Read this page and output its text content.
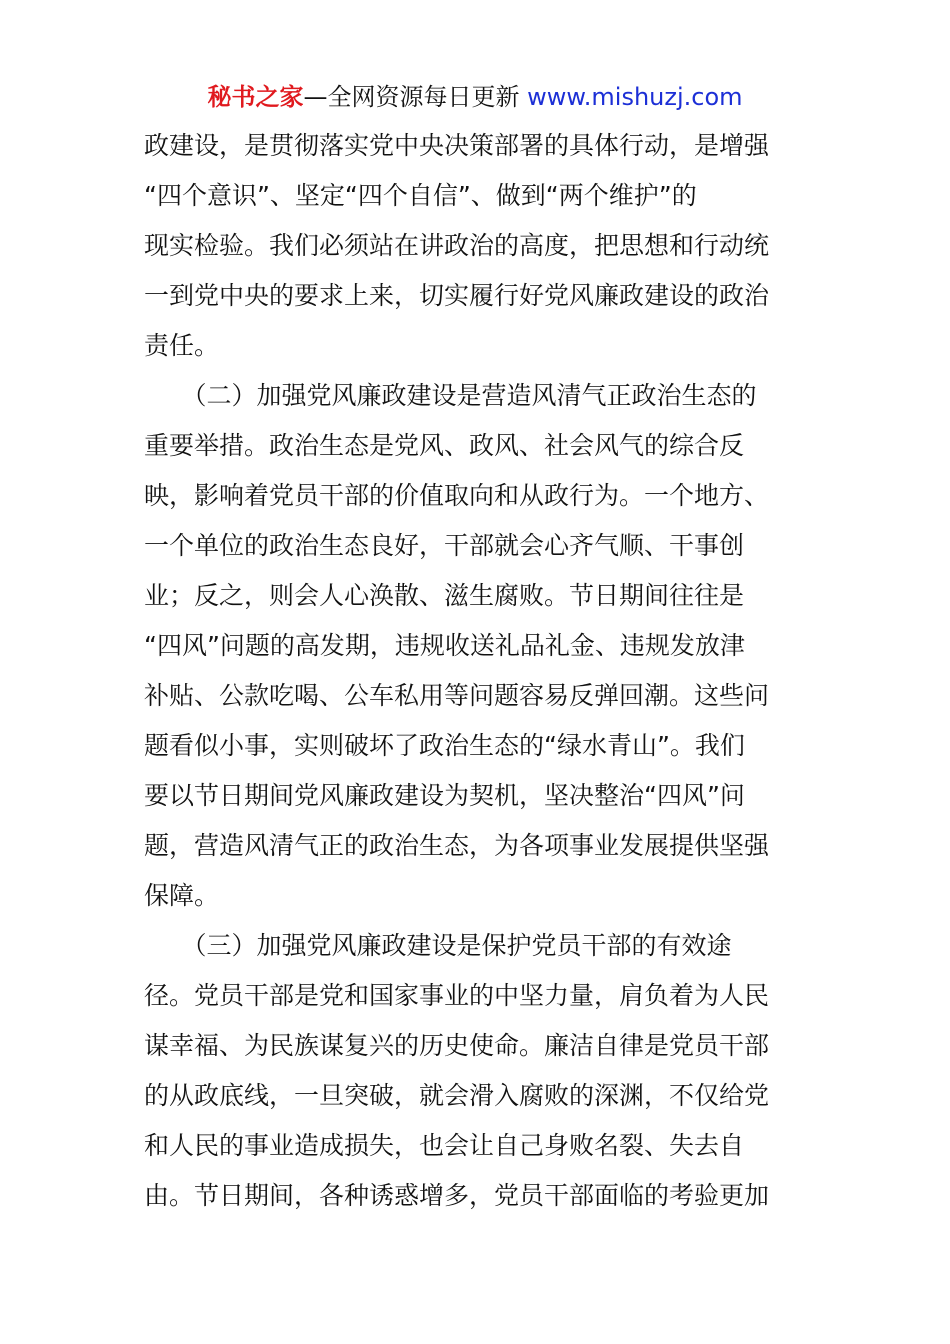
秘书之家—全网资源每日更新 www.mishuzj.com
政建设，是贯彻落实党中央决策部署的具体行动，是增强
“四个意识”、坚定“四个自信”、做到“两个维护”的
现实检验。我们必须站在讲政治的高度，把思想和行动统
一到党中央的要求上来，切实履行好党风廉政建设的政治
责任。
　　（二）加强党风廉政建设是营造风清气正政治生态的
重要举措。政治生态是党风、政风、社会风气的综合反
映，影响着党员干部的价值取向和从政行为。一个地方、
一个单位的政治生态良好，干部就会心齐气顺、干事创
业；反之，则会人心涣散、滋生腐败。节日期间往往是
“四风”问题的高发期，违规收送礼品礼金、违规发放津
补贴、公款吃喝、公车私用等问题容易反弹回潮。这些问
题看似小事，实则破坏了政治生态的“绿水青山”。我们
要以节日期间党风廉政建设为契机，坚决整治“四风”问
题，营造风清气正的政治生态，为各项事业发展提供坚强
保障。
　　（三）加强党风廉政建设是保护党员干部的有效途
径。党员干部是党和国家事业的中坚力量，肩负着为人民
谋幸福、为民族谋复兴的历史使命。廉洁自律是党员干部
的从政底线，一旦突破，就会滑入腐败的深渊，不仅给党
和人民的事业造成损失，也会让自己身败名裂、失去自
由。节日期间，各种诱惑增多，党员干部面临的考验更加
